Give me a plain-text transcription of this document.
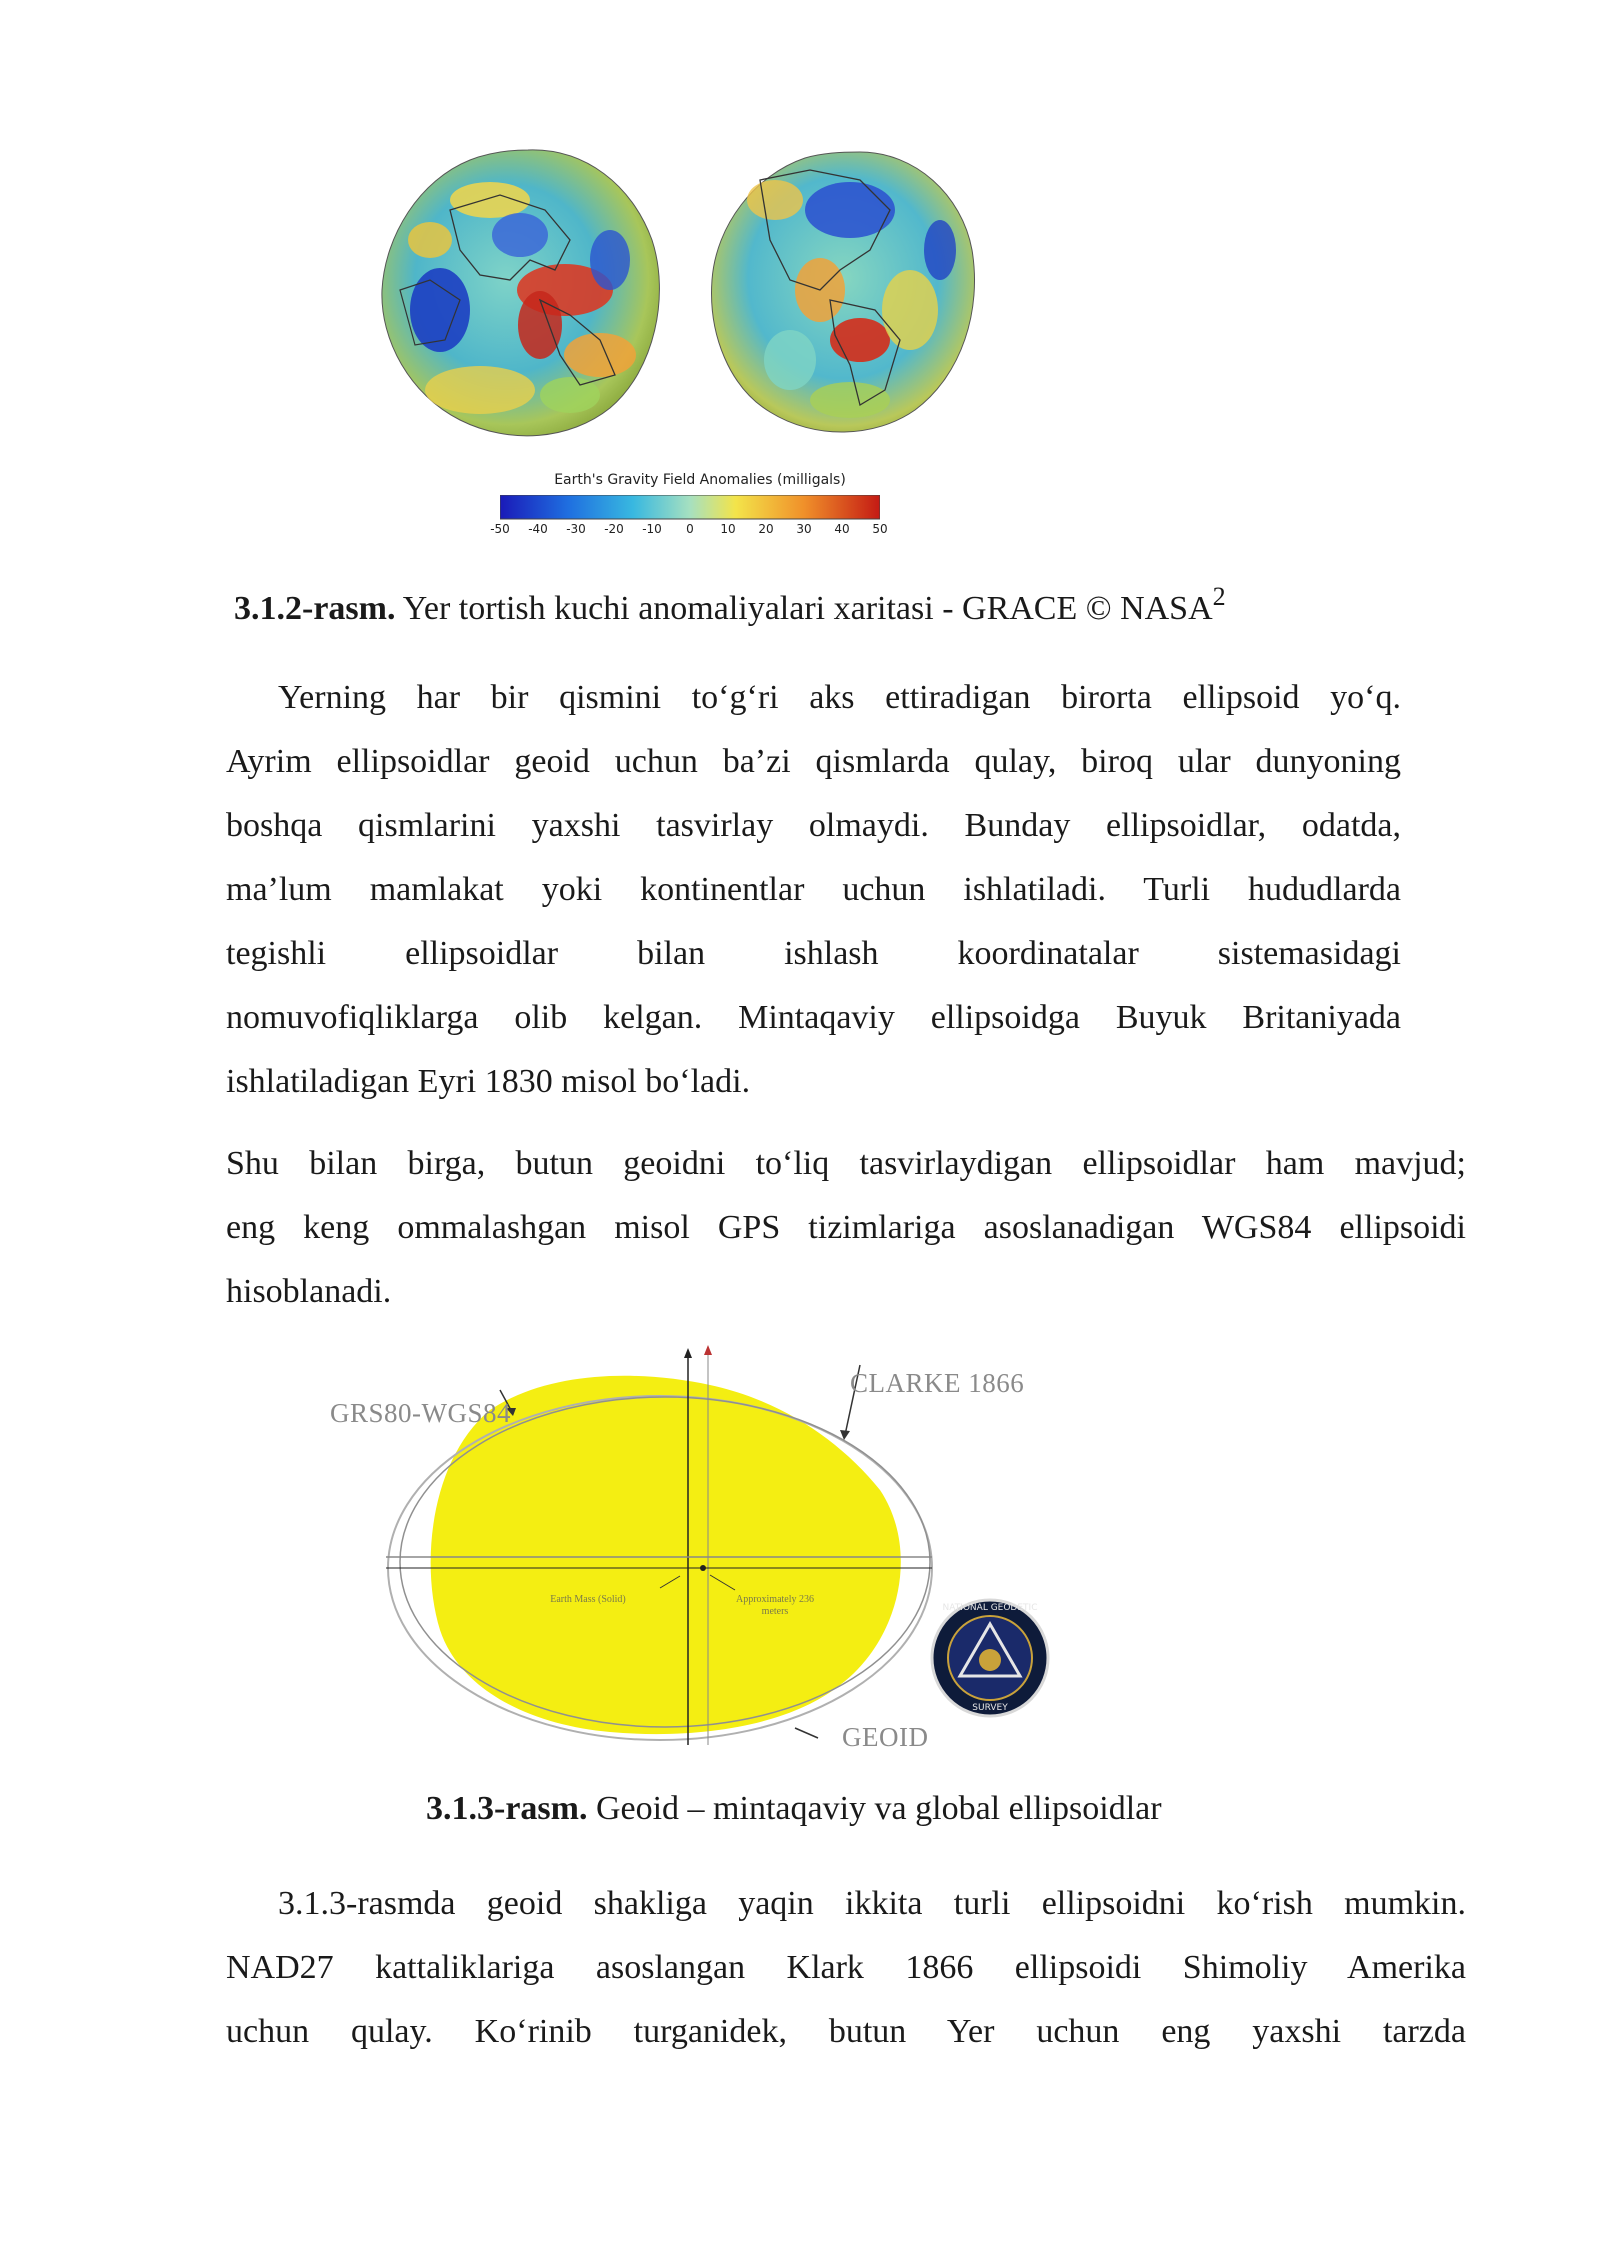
Earth's Gravity Field Anomalies (milligals)
-50 -40 -30 -20 -10 0 10 20 30 40 50
3.1.2-rasm. Yer tortish kuchi anomaliyalari xaritasi - GRACE © NASA$^2$
Yerning har bir qismini to‘g‘ri aks ettiradigan birorta ellipsoid yo‘q.
Ayrim ellipsoidlar geoid uchun ba’zi qismlarda qulay, biroq ular dunyoning
boshqa qismlarini yaxshi tasvirlay olmaydi. Bunday ellipsoidlar, odatda,
ma’lum mamlakat yoki kontinentlar uchun ishlatiladi. Turli hududlarda
tegishli ellipsoidlar bilan ishlash koordinatalar sistemasidagi
nomuvofiqliklarga olib kelgan. Mintaqaviy ellipsoidga Buyuk Britaniyada
ishlatiladigan Eyri 1830 misol bo‘ladi.
Shu bilan birga, butun geoidni to‘liq tasvirlaydigan ellipsoidlar ham mavjud;
eng keng ommalashgan misol GPS tizimlariga asoslanadigan WGS84 ellipsoidi
hisoblanadi.
GRS80-WGS84
CLARKE 1866
GEOID
Earth Mass (Solid)	Approximately 236 meters	NATIONAL GEODETIC
SURVEY
3.1.3-rasm. Geoid – mintaqaviy va global ellipsoidlar
3.1.3-rasmda geoid shakliga yaqin ikkita turli ellipsoidni ko‘rish mumkin.
NAD27 kattaliklariga asoslangan Klark 1866 ellipsoidi Shimoliy Amerika
uchun qulay. Ko‘rinib turganidek, butun Yer uchun eng yaxshi tarzda
